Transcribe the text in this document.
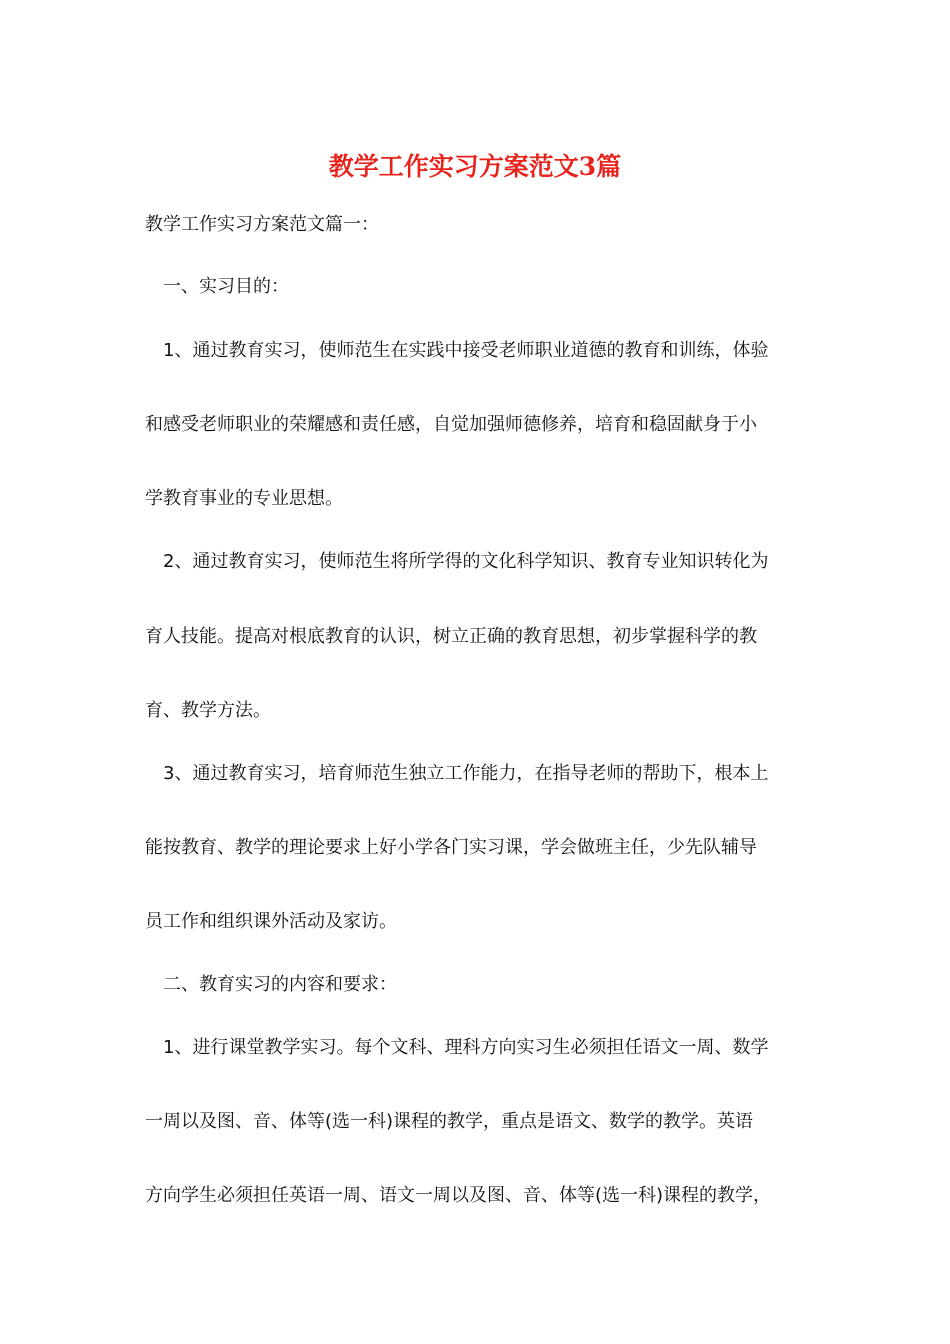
教学工作实习方案范文3篇

教学工作实习方案范文篇一：

一、实习目的：

1、通过教育实习，使师范生在实践中接受老师职业道德的教育和训练，体验

和感受老师职业的荣耀感和责任感，自觉加强师德修养，培育和稳固献身于小

学教育事业的专业思想。

2、通过教育实习，使师范生将所学得的文化科学知识、教育专业知识转化为

育人技能。提高对根底教育的认识，树立正确的教育思想，初步掌握科学的教

育、教学方法。

3、通过教育实习，培育师范生独立工作能力，在指导老师的帮助下，根本上

能按教育、教学的理论要求上好小学各门实习课，学会做班主任，少先队辅导

员工作和组织课外活动及家访。

二、教育实习的内容和要求：

1、进行课堂教学实习。每个文科、理科方向实习生必须担任语文一周、数学

一周以及图、音、体等(选一科)课程的教学，重点是语文、数学的教学。英语

方向学生必须担任英语一周、语文一周以及图、音、体等(选一科)课程的教学，
